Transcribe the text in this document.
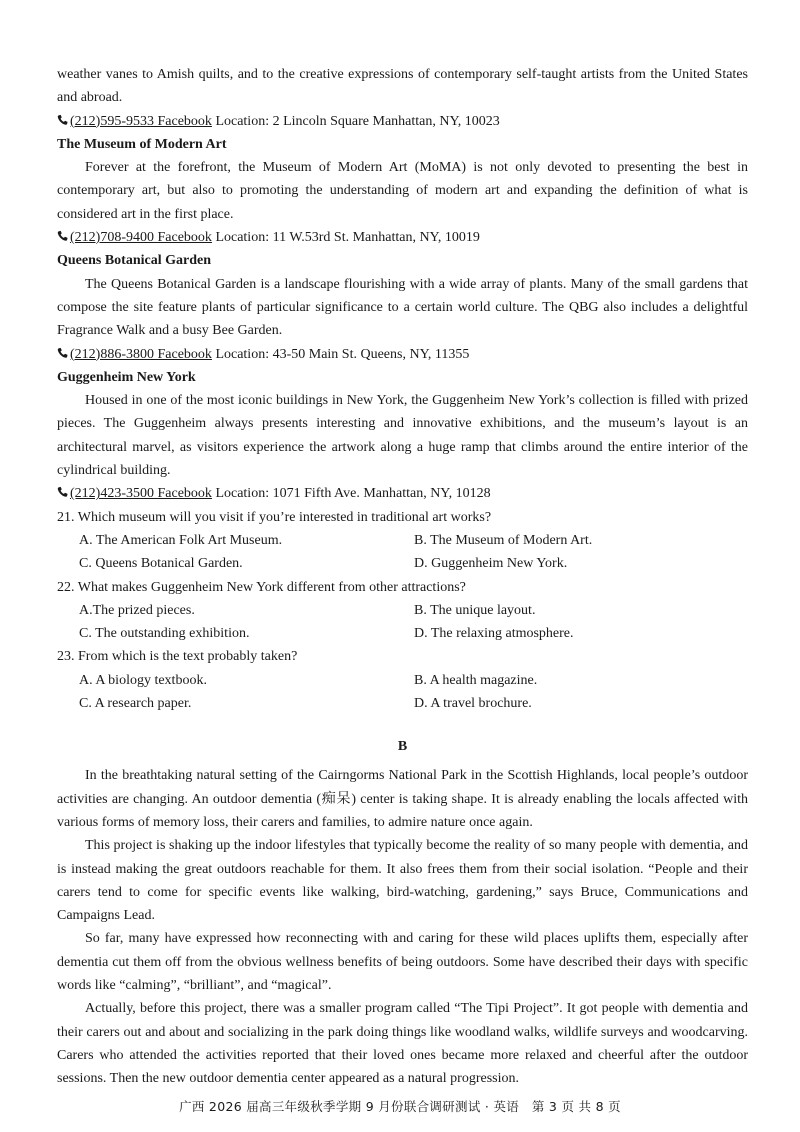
weather vanes to Amish quilts, and to the creative expressions of contemporary self-taught artists from the United States and abroad.

(212)595-9533 Facebook Location: 2 Lincoln Square Manhattan, NY, 10023

The Museum of Modern Art

Forever at the forefront, the Museum of Modern Art (MoMA) is not only devoted to presenting the best in contemporary art, but also to promoting the understanding of modern art and expanding the definition of what is considered art in the first place.

(212)708-9400 Facebook Location: 11 W.53rd St. Manhattan, NY, 10019

Queens Botanical Garden

The Queens Botanical Garden is a landscape flourishing with a wide array of plants. Many of the small gardens that compose the site feature plants of particular significance to a certain world culture. The QBG also includes a delightful Fragrance Walk and a busy Bee Garden.

(212)886-3800 Facebook Location: 43-50 Main St. Queens, NY, 11355

Guggenheim New York

Housed in one of the most iconic buildings in New York, the Guggenheim New York’s collection is filled with prized pieces. The Guggenheim always presents interesting and innovative exhibitions, and the museum’s layout is an architectural marvel, as visitors experience the artwork along a huge ramp that climbs around the entire interior of the cylindrical building.

(212)423-3500 Facebook Location: 1071 Fifth Ave. Manhattan, NY, 10128

21. Which museum will you visit if you’re interested in traditional art works?

A. The American Folk Art Museum.	B. The Museum of Modern Art.
C. Queens Botanical Garden.	D. Guggenheim New York.

22. What makes Guggenheim New York different from other attractions?

A.The prized pieces.	B. The unique layout.
C. The outstanding exhibition.	D. The relaxing atmosphere.

23. From which is the text probably taken?

A. A biology textbook.	B. A health magazine.
C. A research paper.	D. A travel brochure.
B

In the breathtaking natural setting of the Cairngorms National Park in the Scottish Highlands, local people’s outdoor activities are changing. An outdoor dementia (痴呆) center is taking shape. It is already enabling the locals affected with various forms of memory loss, their carers and families, to admire nature once again.

This project is shaking up the indoor lifestyles that typically become the reality of so many people with dementia, and is instead making the great outdoors reachable for them. It also frees them from their social isolation. “People and their carers tend to come for specific events like walking, bird-watching, gardening,” says Bruce, Communications and Campaigns Lead.

So far, many have expressed how reconnecting with and caring for these wild places uplifts them, especially after dementia cut them off from the obvious wellness benefits of being outdoors. Some have described their days with specific words like “calming”, “brilliant”, and “magical”.

Actually, before this project, there was a smaller program called “The Tipi Project”. It got people with dementia and their carers out and about and socializing in the park doing things like woodland walks, wildlife surveys and woodcarving. Carers who attended the activities reported that their loved ones became more relaxed and cheerful after the outdoor sessions. Then the new outdoor dementia center appeared as a natural progression.

广西 2026 届高三年级秋季学期 9 月份联合调研测试 · 英语　第 3 页 共 8 页
